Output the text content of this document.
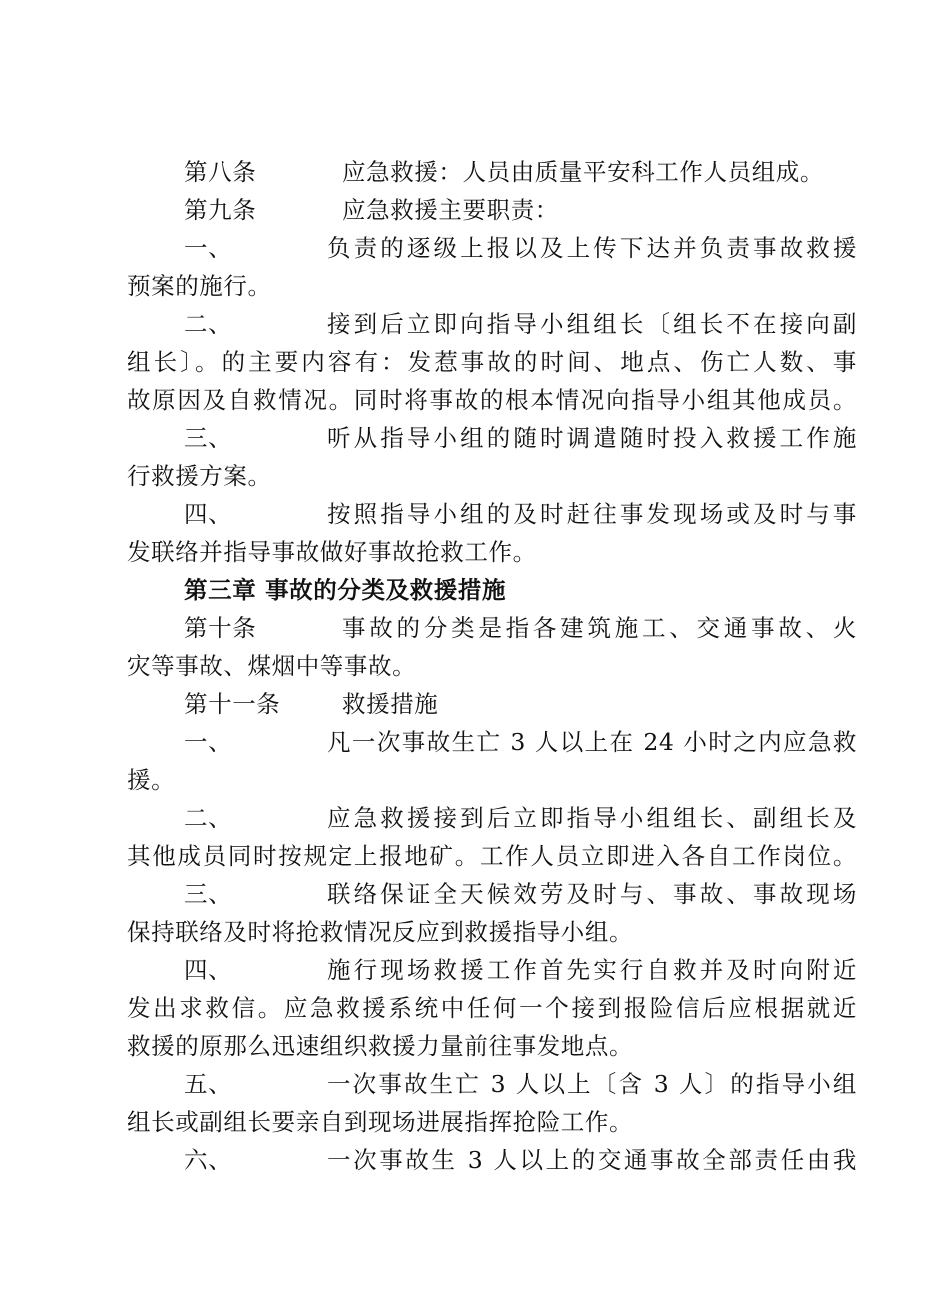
第八条	应急救援：人员由质量平安科工作人员组成。
第九条	应急救援主要职责：
一、	负责的逐级上报以及上传下达并负责事故救援
预案的施行。
二、	接到后立即向指导小组组长〔组长不在接向副
组长〕。的主要内容有：发惹事故的时间、地点、伤亡人数、事
故原因及自救情况。同时将事故的根本情况向指导小组其他成员。
三、	听从指导小组的随时调遣随时投入救援工作施
行救援方案。
四、	按照指导小组的及时赶往事发现场或及时与事
发联络并指导事故做好事故抢救工作。
第三章 事故的分类及救援措施
第十条	事故的分类是指各建筑施工、交通事故、火
灾等事故、煤烟中等事故。
第十一条	救援措施
一、	凡一次事故生亡 3 人以上在 24 小时之内应急救
援。
二、	应急救援接到后立即指导小组组长、副组长及
其他成员同时按规定上报地矿。工作人员立即进入各自工作岗位。
三、	联络保证全天候效劳及时与、事故、事故现场
保持联络及时将抢救情况反应到救援指导小组。
四、	施行现场救援工作首先实行自救并及时向附近
发出求救信。应急救援系统中任何一个接到报险信后应根据就近
救援的原那么迅速组织救援力量前往事发地点。
五、	一次事故生亡 3 人以上〔含 3 人〕的指导小组
组长或副组长要亲自到现场进展指挥抢险工作。
六、	一次事故生 3 人以上的交通事故全部责任由我
